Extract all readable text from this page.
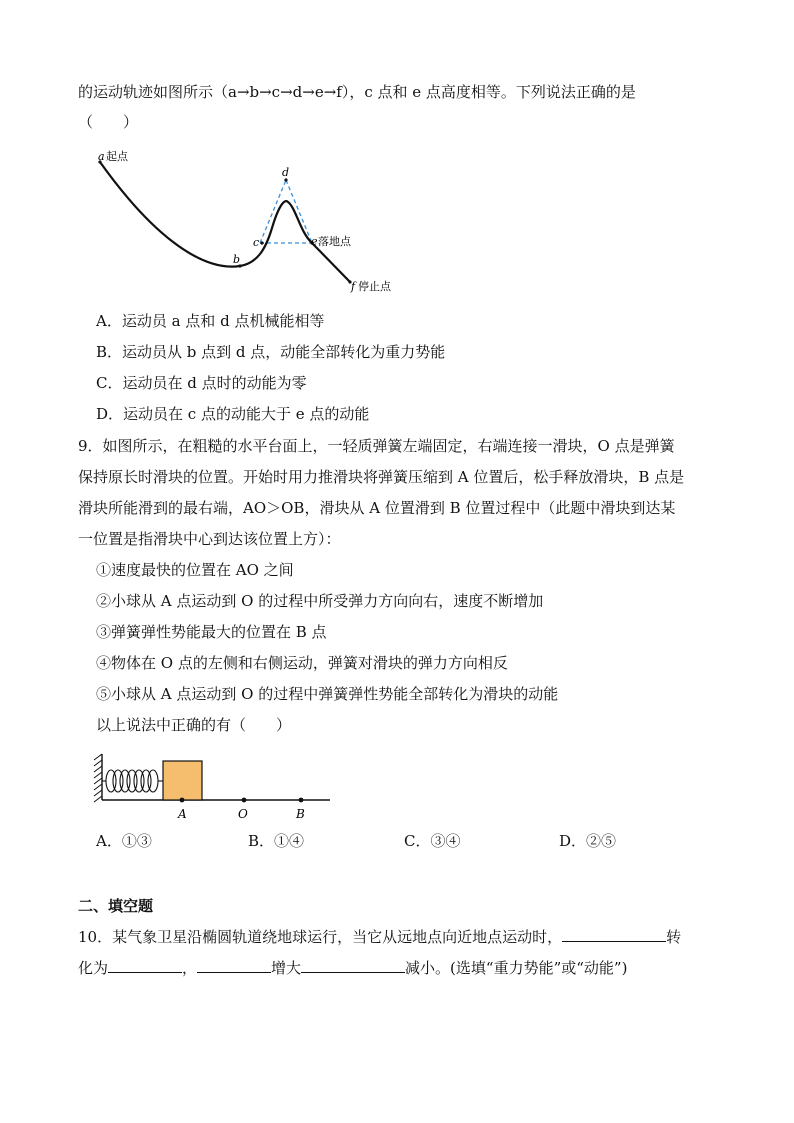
的运动轨迹如图所示（a→b→c→d→e→f），c 点和 e 点高度相等。下列说法正确的是
（　　）
a 起点
b
c
d
e 落地点
f 停止点
A．运动员 a 点和 d 点机械能相等
B．运动员从 b 点到 d 点，动能全部转化为重力势能
C．运动员在 d 点时的动能为零
D．运动员在 c 点的动能大于 e 点的动能
9．如图所示，在粗糙的水平台面上，一轻质弹簧左端固定，右端连接一滑块，O 点是弹簧
保持原长时滑块的位置。开始时用力推滑块将弹簧压缩到 A 位置后，松手释放滑块，B 点是
滑块所能滑到的最右端，AO＞OB，滑块从 A 位置滑到 B 位置过程中（此题中滑块到达某
一位置是指滑块中心到达该位置上方）：
①速度最快的位置在 AO 之间
②小球从 A 点运动到 O 的过程中所受弹力方向向右，速度不断增加
③弹簧弹性势能最大的位置在 B 点
④物体在 O 点的左侧和右侧运动，弹簧对滑块的弹力方向相反
⑤小球从 A 点运动到 O 的过程中弹簧弹性势能全部转化为滑块的动能
以上说法中正确的有（　　）
A	O	B
A．①③	B．①④	C．③④	D．②⑤
二、填空题
10．某气象卫星沿椭圆轨道绕地球运行，当它从远地点向近地点运动时，	转
化为	，	增大	减小。(选填“重力势能”或“动能”)
